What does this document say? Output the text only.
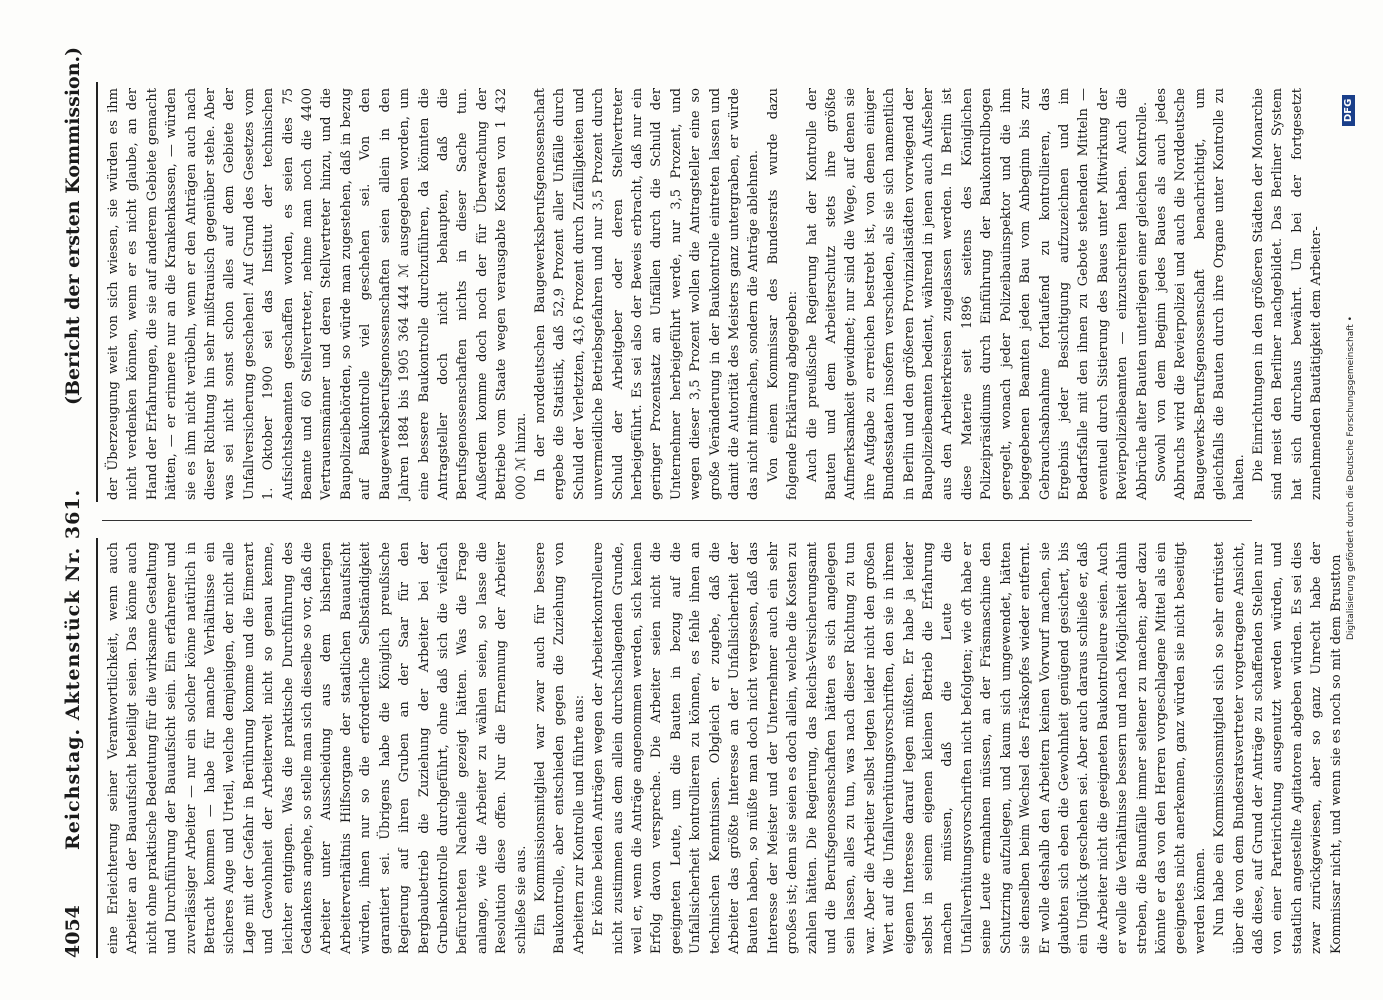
4054
Reichstag. Aktenstück Nr. 361.
(Bericht der ersten Kommission.)

eine Erleichterung seiner Verantwortlichkeit, wenn auch Arbeiter an der Bauaufsicht beteiligt seien. Das könne auch nicht ohne praktische Bedeutung für die wirksame Gestaltung und Durchführung der Bauaufsicht sein. Ein erfahrener und zuverlässiger Arbeiter — nur ein solcher könne natürlich in Betracht kommen — habe für manche Verhältnisse ein sicheres Auge und Urteil, welche demjenigen, der nicht alle Lage mit der Gefahr in Berührung komme und die Eimerart und Gewohnheit der Arbeiterwelt nicht so genau kenne, leichter entgingen. Was die praktische Durchführung des Gedankens angehe, so stelle man sich dieselbe so vor, daß die Arbeiter unter Ausscheidung aus dem bisherigen Arbeiterverhältnis Hilfsorgane der staatlichen Bauaufsicht würden, ihnen nur so die erforderliche Selbständigkeit garantiert sei. Übrigens habe die Königlich preußische Regierung auf ihren Gruben an der Saar für den Bergbaubetrieb die Zuziehung der Arbeiter bei der Grubenkontrolle durchgeführt, ohne daß sich die vielfach befürchteten Nachteile gezeigt hätten. Was die Frage anlange, wie die Arbeiter zu wählen seien, so lasse die Resolution diese offen. Nur die Ernennung der Arbeiter schließe sie aus. Ein Kommissionsmitglied war zwar auch für bessere Baukontrolle, aber entschieden gegen die Zuziehung von Arbeitern zur Kontrolle und führte aus: Er könne beiden Anträgen wegen der Arbeiterkontrolleure nicht zustimmen aus dem allein durchschlagenden Grunde, weil er, wenn die Anträge angenommen werden, sich keinen Erfolg davon verspreche. Die Arbeiter seien nicht die geeigneten Leute, um die Bauten in bezug auf die Unfallsicherheit kontrollieren zu können, es fehle ihnen an technischen Kenntnissen. Obgleich er zugebe, daß die Arbeiter das größte Interesse an der Unfallsicherheit der Bauten haben, so müßte man doch nicht vergessen, daß das Interesse der Meister und der Unternehmer auch ein sehr großes ist; denn sie seien es doch allein, welche die Kosten zu zahlen hätten. Die Regierung, das Reichs-Versicherungsamt und die Berufsgenossenschaften hätten es sich angelegen sein lassen, alles zu tun, was nach dieser Richtung zu tun war. Aber die Arbeiter selbst legten leider nicht den großen Wert auf die Unfallverhütungsvorschriften, den sie in ihrem eigenen Interesse darauf legen müßten. Er habe ja leider selbst in seinem eigenen kleinen Betrieb die Erfahrung machen müssen, daß die Leute die Unfallverhütungsvorschriften nicht befolgten; wie oft habe er seine Leute ermahnen müssen, an der Fräsmaschine den Schutzring aufzulegen, und kaum sich umgewendet, hätten sie denselben beim Wechsel des Fräskopfes wieder entfernt. Er wolle deshalb den Arbeitern keinen Vorwurf machen, sie glaubten sich eben die Gewohnheit genügend gesichert, bis ein Unglück geschehen sei. Aber auch daraus schließe er, daß die Arbeiter nicht die geeigneten Baukontrolleure seien. Auch er wolle die Verhältnisse bessern und nach Möglichkeit dahin streben, die Baunfälle immer seltener zu machen; aber dazu könnte er das von den Herren vorgeschlagene Mittel als ein geeignetes nicht anerkennen, ganz würden sie nicht beseitigt werden können. Nun habe ein Kommissionsmitglied sich so sehr entrüstet über die von dem Bundesratsvertreter vorgetragene Ansicht, daß diese, auf Grund der Anträge zu schaffenden Stellen nur von einer Parteirichtung ausgenutzt werden würden, und staatlich angestellte Agitatoren abgeben würden. Es sei dies zwar zurückgewiesen, aber so ganz Unrecht habe der Kommissar nicht, und wenn sie es noch so mit dem Brustton

der Überzeugung weit von sich wiesen, sie würden es ihm nicht verdenken können, wenn er es nicht glaube, an der Hand der Erfahrungen, die sie auf anderem Gebiete gemacht hätten, — er erinnere nur an die Krankenkassen, — würden sie es ihm nicht verübeln, wenn er den Anträgen auch nach dieser Richtung hin sehr mißtrauisch gegenüber stehe. Aber was sei nicht sonst schon alles auf dem Gebiete der Unfallversicherung geschehen! Auf Grund des Gesetzes vom 1. Oktober 1900 sei das Institut der technischen Aufsichtsbeamten geschaffen worden, es seien dies 75 Beamte und 60 Stellvertreter, nehme man noch die 4400 Vertrauensmänner und deren Stellvertreter hinzu, und die Baupolizeibehörden, so würde man zugestehen, daß in bezug auf Baukontrolle viel geschehen sei. Von den Baugewerksberufsgenossenschaften seien allein in den Jahren 1884 bis 1905 364 444 ℳ ausgegeben worden, um eine bessere Baukontrolle durchzuführen, da könnten die Antragsteller doch nicht behaupten, daß die Berufsgenossenschaften nichts in dieser Sache tun. Außerdem komme doch noch der für Überwachung der Betriebe vom Staate wegen verausgabte Kosten von 1 432 000 ℳ hinzu. In der norddeutschen Baugewerksberufsgenossenschaft ergebe die Statistik, daß 52,9 Prozent aller Unfälle durch Schuld der Verletzten, 43,6 Prozent durch Zufälligkeiten und unvermeidliche Betriebsgefahren und nur 3,5 Prozent durch Schuld der Arbeitgeber oder deren Stellvertreter herbeigeführt. Es sei also der Beweis erbracht, daß nur ein geringer Prozentsatz an Unfällen durch die Schuld der Unternehmer herbeigeführt werde, nur 3,5 Prozent, und wegen dieser 3,5 Prozent wollen die Antragsteller eine so große Veränderung in der Baukontrolle eintreten lassen und damit die Autorität des Meisters ganz untergraben, er würde das nicht mitmachen, sondern die Anträge ablehnen. Von einem Kommissar des Bundesrats wurde dazu folgende Erklärung abgegeben: Auch die preußische Regierung hat der Kontrolle der Bauten und dem Arbeiterschutz stets ihre größte Aufmerksamkeit gewidmet; nur sind die Wege, auf denen sie ihre Aufgabe zu erreichen bestrebt ist, von denen einiger Bundesstaaten insofern verschieden, als sie sich namentlich in Berlin und den größeren Provinzialstädten vorwiegend der Baupolizeibeamten bedient, während in jenen auch Aufseher aus den Arbeiterkreisen zugelassen werden. In Berlin ist diese Materie seit 1896 seitens des Königlichen Polizeipräsidiums durch Einführung der Baukontrollbogen geregelt, wonach jeder Polizeibauinspektor und die ihm beigegebenen Beamten jeden Bau vom Anbeginn bis zur Gebrauchsabnahme fortlaufend zu kontrollieren, das Ergebnis jeder Besichtigung aufzuzeichnen und im Bedarfsfalle mit den ihnen zu Gebote stehenden Mitteln — eventuell durch Sistierung des Baues unter Mitwirkung der Revierpolizeibeamten — einzuschreiten haben. Auch die Abbrüche alter Bauten unterliegen einer gleichen Kontrolle. Sowohl von dem Beginn jedes Baues als auch jedes Abbruchs wird die Revierpolizei und auch die Norddeutsche Baugewerks-Berufsgenossenschaft benachrichtigt, um gleichfalls die Bauten durch ihre Organe unter Kontrolle zu halten. Die Einrichtungen in den größeren Städten der Monarchie sind meist den Berliner nachgebildet. Das Berliner System hat sich durchaus bewährt. Um bei der fortgesetzt zunehmenden Bautätigkeit dem Arbeiter- Digitalisierung gefördert durch die Deutsche Forschungsgemeinschaft •
DFG
